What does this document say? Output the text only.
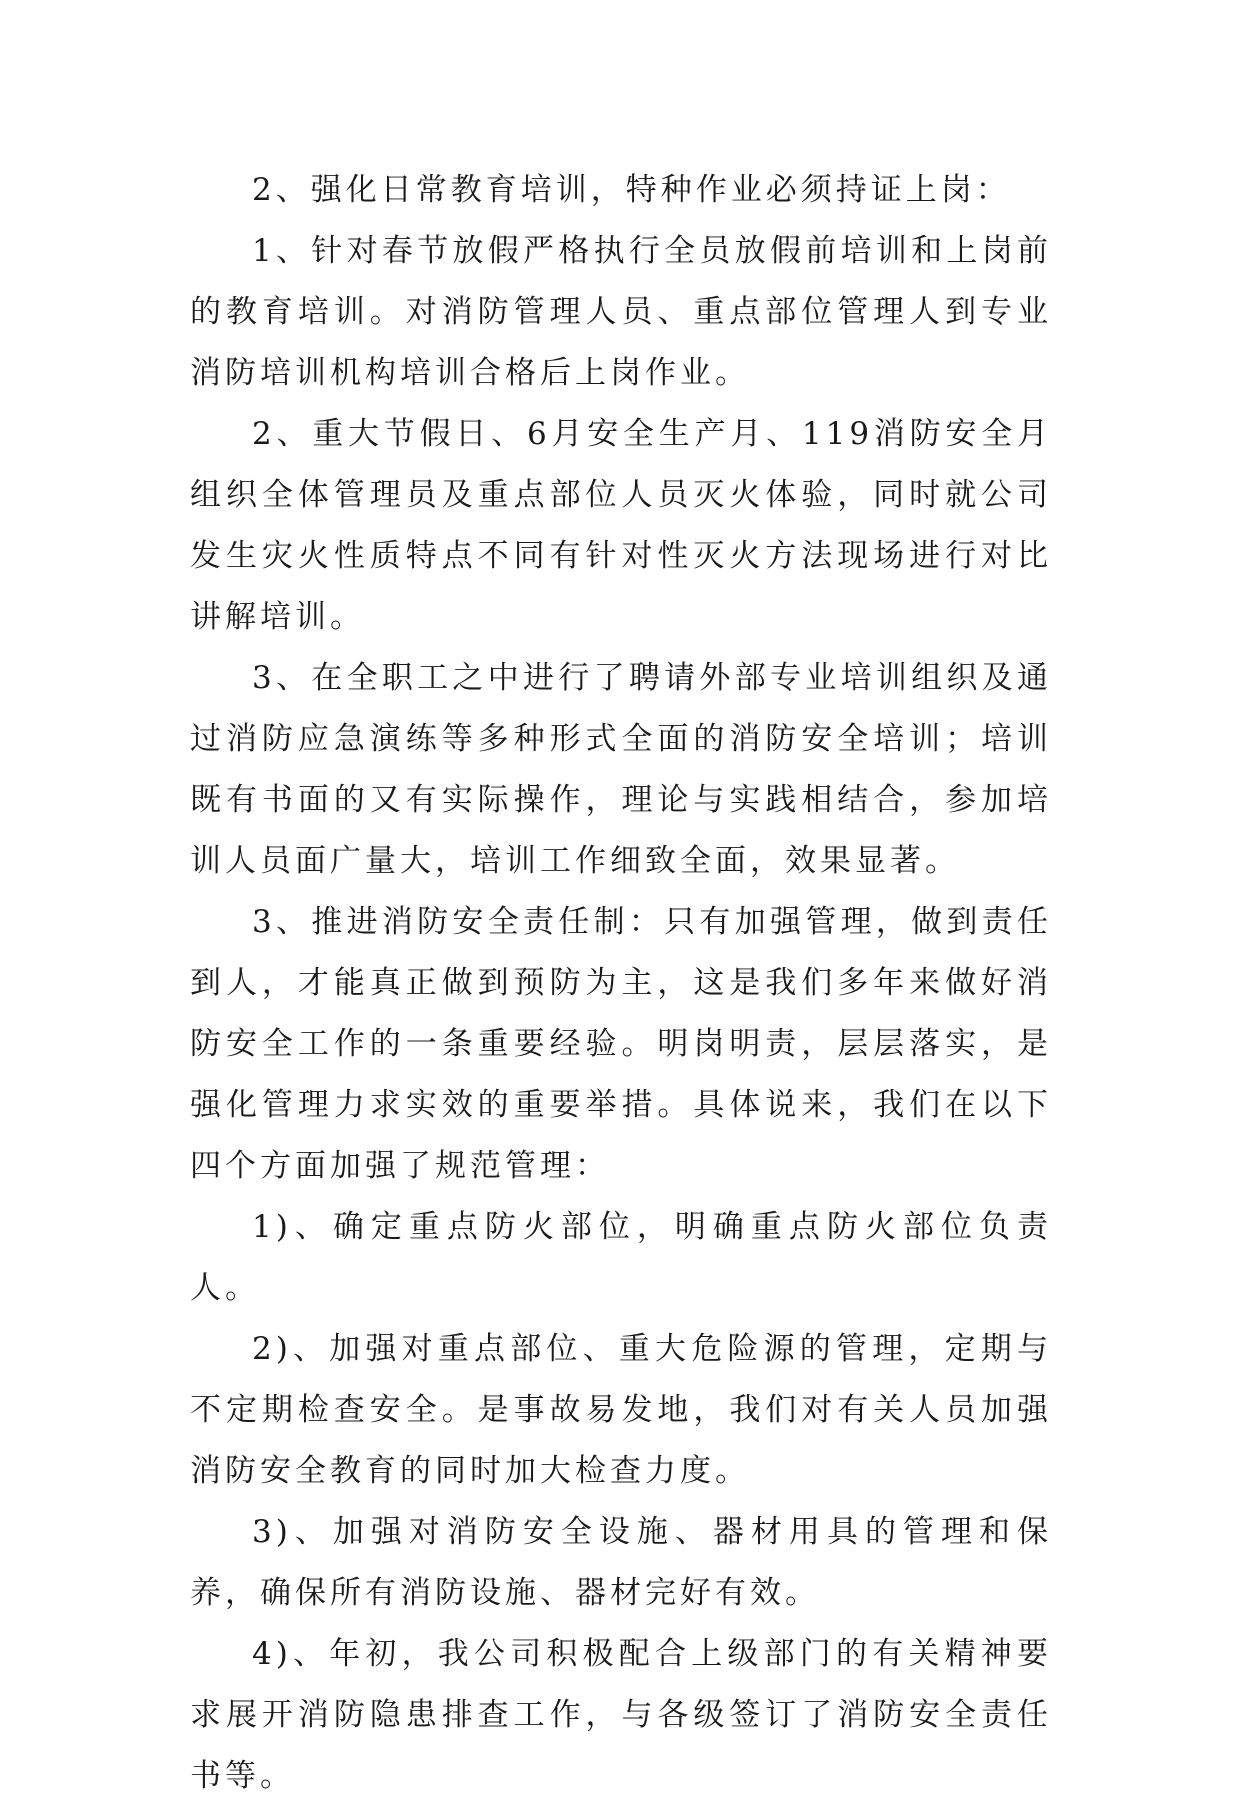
2、强化日常教育培训，特种作业必须持证上岗：

1、针对春节放假严格执行全员放假前培训和上岗前的教育培训。对消防管理人员、重点部位管理人到专业消防培训机构培训合格后上岗作业。

2、重大节假日、6月安全生产月、119消防安全月组织全体管理员及重点部位人员灭火体验，同时就公司发生灾火性质特点不同有针对性灭火方法现场进行对比讲解培训。

3、在全职工之中进行了聘请外部专业培训组织及通过消防应急演练等多种形式全面的消防安全培训；培训既有书面的又有实际操作，理论与实践相结合，参加培训人员面广量大，培训工作细致全面，效果显著。

3、推进消防安全责任制：只有加强管理，做到责任到人，才能真正做到预防为主，这是我们多年来做好消防安全工作的一条重要经验。明岗明责，层层落实，是强化管理力求实效的重要举措。具体说来，我们在以下四个方面加强了规范管理：

1)、确定重点防火部位，明确重点防火部位负责人。

2)、加强对重点部位、重大危险源的管理，定期与不定期检查安全。是事故易发地，我们对有关人员加强消防安全教育的同时加大检查力度。

3)、加强对消防安全设施、器材用具的管理和保养，确保所有消防设施、器材完好有效。

4)、年初，我公司积极配合上级部门的有关精神要求展开消防隐患排查工作，与各级签订了消防安全责任书等。
